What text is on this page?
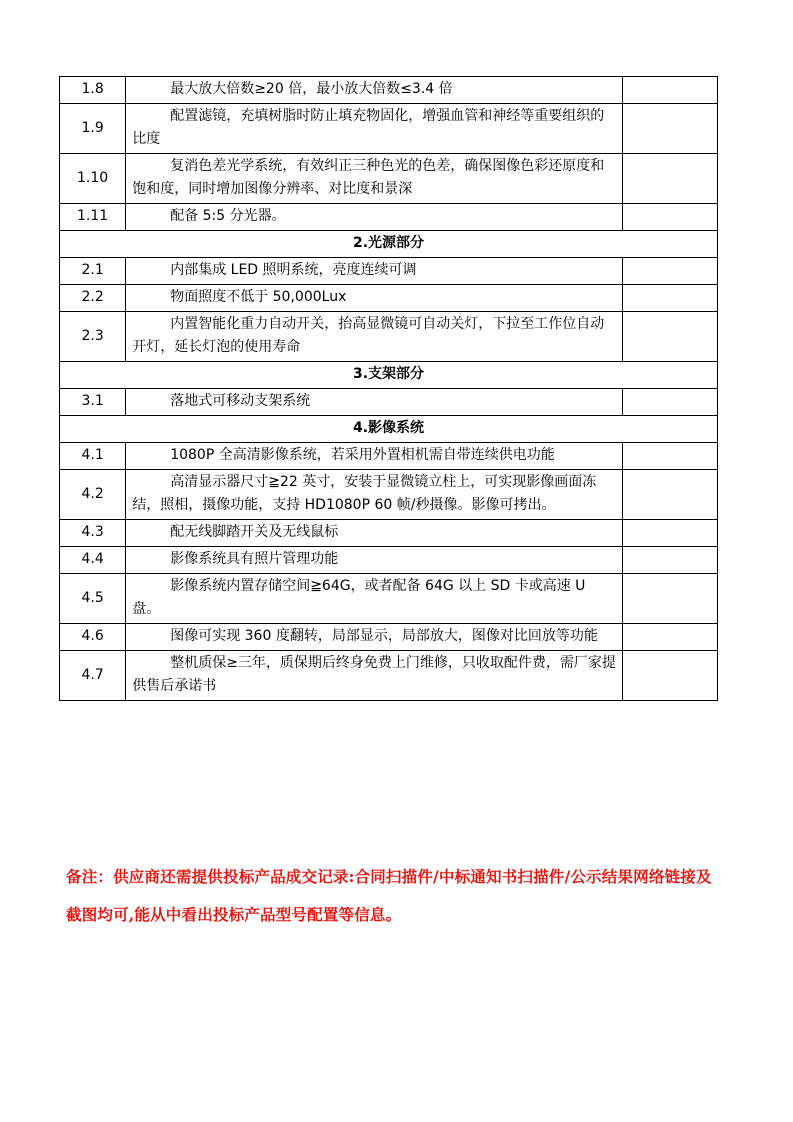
1.8	最大放大倍数≥20 倍，最小放大倍数≤3.4 倍	
1.9	配置滤镜，充填树脂时防止填充物固化，增强血管和神经等重要组织的比度	
1.10	复消色差光学系统，有效纠正三种色光的色差，确保图像色彩还原度和饱和度，同时增加图像分辨率、对比度和景深	
1.11	配备 5:5 分光器。	
2.光源部分		
2.1	内部集成 LED 照明系统，亮度连续可调	
2.2	物面照度不低于 50,000Lux	
2.3	内置智能化重力自动开关，抬高显微镜可自动关灯，下拉至工作位自动开灯，延长灯泡的使用寿命	
3.支架部分		
3.1	落地式可移动支架系统	
4.影像系统		
4.1	1080P 全高清影像系统，若采用外置相机需自带连续供电功能	
4.2	高清显示器尺寸≧22 英寸，安装于显微镜立柱上，可实现影像画面冻结，照相，摄像功能，支持 HD1080P 60 帧/秒摄像。影像可拷出。	
4.3	配无线脚踏开关及无线鼠标	
4.4	影像系统具有照片管理功能	
4.5	影像系统内置存储空间≧64G，或者配备 64G 以上 SD 卡或高速 U 盘。	
4.6	图像可实现 360 度翻转，局部显示，局部放大，图像对比回放等功能	
4.7	整机质保≥三年，质保期后终身免费上门维修，只收取配件费，需厂家提供售后承诺书	
备注：供应商还需提供投标产品成交记录:合同扫描件/中标通知书扫描件/公示结果网络链接及截图均可,能从中看出投标产品型号配置等信息。
